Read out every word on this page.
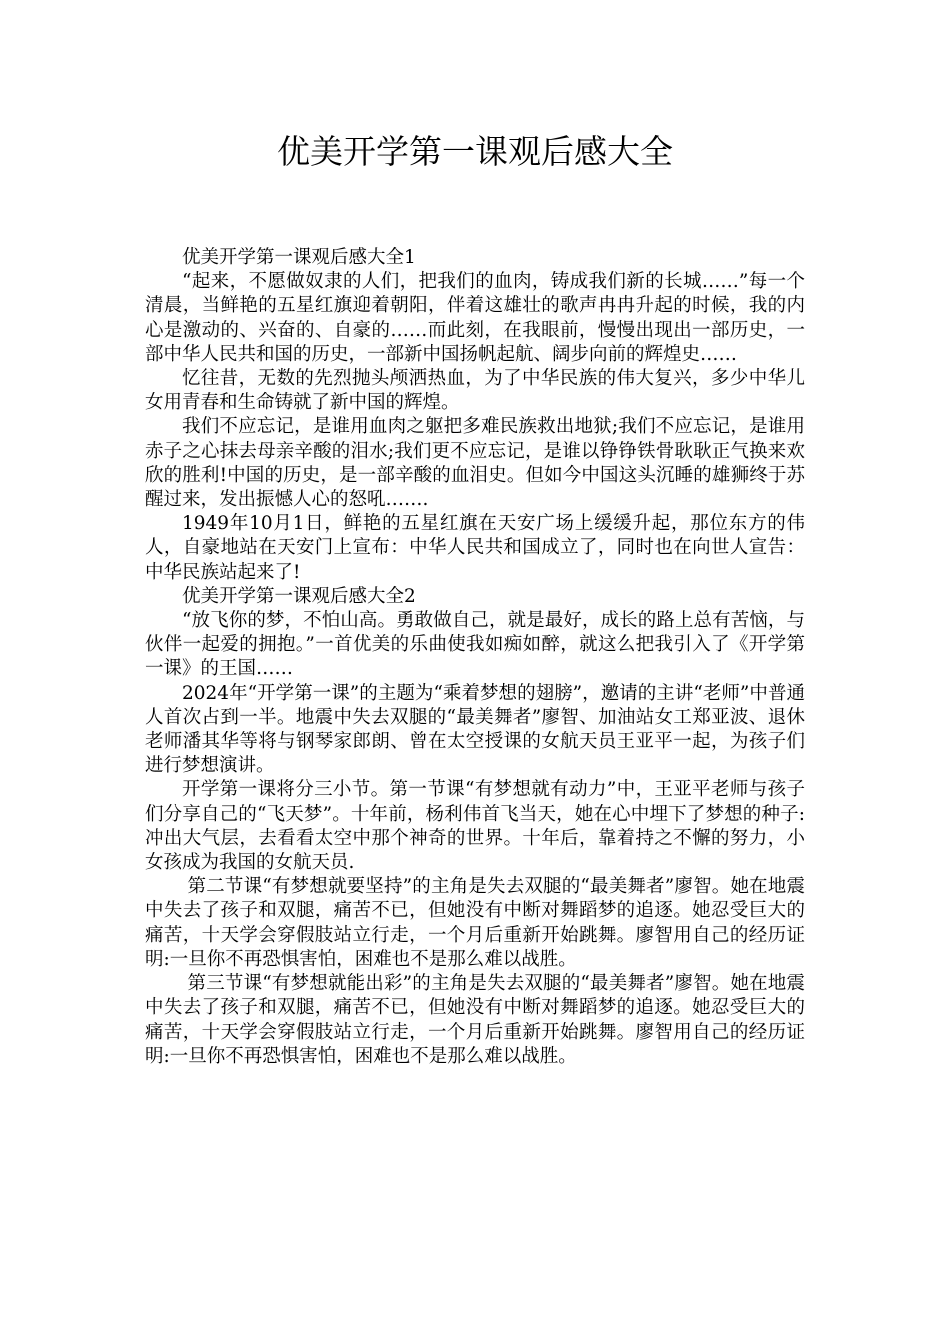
优美开学第一课观后感大全

优美开学第一课观后感大全1

“起来，不愿做奴隶的人们，把我们的血肉，铸成我们新的长城……”每一个清晨，当鲜艳的五星红旗迎着朝阳，伴着这雄壮的歌声冉冉升起的时候，我的内心是激动的、兴奋的、自豪的……而此刻，在我眼前，慢慢出现出一部历史，一部中华人民共和国的历史，一部新中国扬帆起航、阔步向前的辉煌史……

忆往昔，无数的先烈抛头颅洒热血，为了中华民族的伟大复兴，多少中华儿女用青春和生命铸就了新中国的辉煌。

我们不应忘记，是谁用血肉之躯把多难民族救出地狱;我们不应忘记，是谁用赤子之心抹去母亲辛酸的泪水;我们更不应忘记，是谁以铮铮铁骨耿耿正气换来欢欣的胜利!中国的历史，是一部辛酸的血泪史。但如今中国这头沉睡的雄狮终于苏醒过来，发出振憾人心的怒吼…….

1949年10月1日，鲜艳的五星红旗在天安广场上缓缓升起，那位东方的伟人，自豪地站在天安门上宣布：中华人民共和国成立了，同时也在向世人宣告：中华民族站起来了!

优美开学第一课观后感大全2

“放飞你的梦，不怕山高。勇敢做自己，就是最好，成长的路上总有苦恼，与伙伴一起爱的拥抱。”一首优美的乐曲使我如痴如醉，就这么把我引入了《开学第一课》的王国……

2024年“开学第一课”的主题为“乘着梦想的翅膀”，邀请的主讲“老师”中普通人首次占到一半。地震中失去双腿的“最美舞者”廖智、加油站女工郑亚波、退休老师潘其华等将与钢琴家郎朗、曾在太空授课的女航天员王亚平一起，为孩子们进行梦想演讲。

开学第一课将分三小节。第一节课“有梦想就有动力”中，王亚平老师与孩子们分享自己的“飞天梦”。十年前，杨利伟首飞当天，她在心中埋下了梦想的种子:冲出大气层，去看看太空中那个神奇的世界。十年后，靠着持之不懈的努力，小女孩成为我国的女航天员.

第二节课“有梦想就要坚持”的主角是失去双腿的“最美舞者”廖智。她在地震中失去了孩子和双腿，痛苦不已，但她没有中断对舞蹈梦的追逐。她忍受巨大的痛苦，十天学会穿假肢站立行走，一个月后重新开始跳舞。廖智用自己的经历证明:一旦你不再恐惧害怕，困难也不是那么难以战胜。

第三节课“有梦想就能出彩”的主角是失去双腿的“最美舞者”廖智。她在地震中失去了孩子和双腿，痛苦不已，但她没有中断对舞蹈梦的追逐。她忍受巨大的痛苦，十天学会穿假肢站立行走，一个月后重新开始跳舞。廖智用自己的经历证明:一旦你不再恐惧害怕，困难也不是那么难以战胜。
